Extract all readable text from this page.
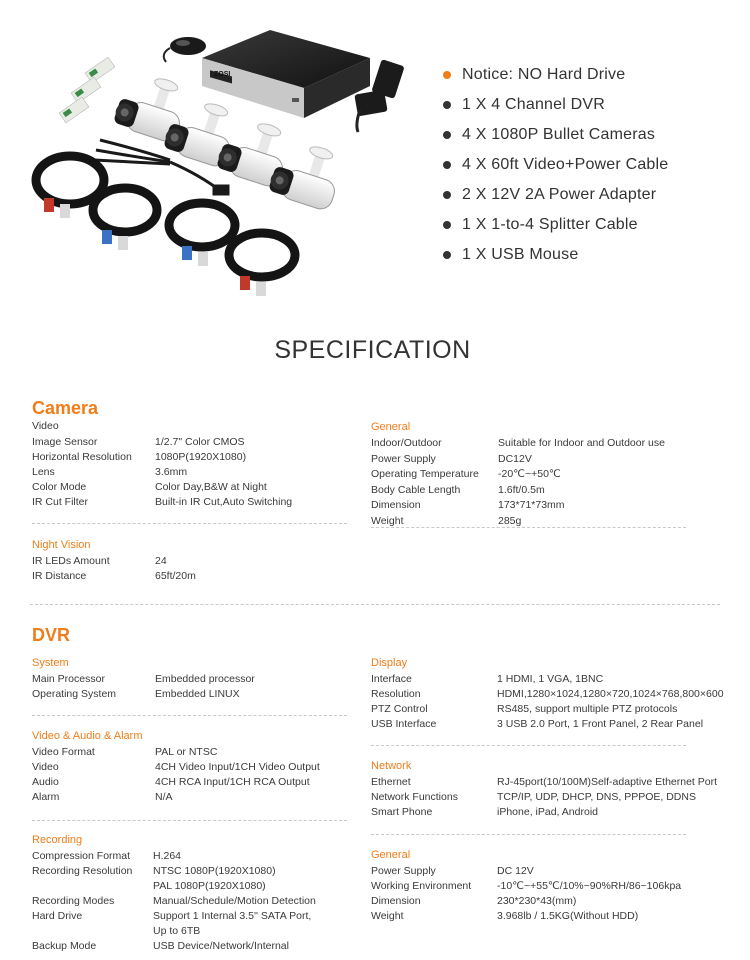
ZOSI	Notice: NO Hard Drive
1 X 4 Channel DVR
4 X 1080P Bullet Cameras
4 X 60ft Video+Power Cable
2 X 12V 2A Power Adapter
1 X 1-to-4 Splitter Cable
1 X USB Mouse
SPECIFICATION
Camera
Video
Image Sensor	1/2.7" Color CMOS
Horizontal Resolution 1080P(1920X1080)
Lens	3.6mm
Color Mode	Color Day,B&W at Night
IR Cut Filter	Built-in IR Cut,Auto Switching
General
Indoor/Outdoor	Suitable for Indoor and Outdoor use
Power Supply	DC12V
Operating Temperature -20℃~+50℃
Body Cable Length	1.6ft/0.5m
Dimension	173*71*73mm
Weight	285g
Night Vision
IR LEDs Amount	24
IR Distance	65ft/20m
DVR
System
Main Processor	Embedded processor
Operating System	Embedded LINUX
Video & Audio & Alarm
Video Format	PAL or NTSC
Video	4CH Video Input/1CH Video Output
Audio	4CH RCA Input/1CH RCA Output
Alarm	N/A
Recording
Compression Format H.264
Recording Resolution NTSC 1080P(1920X1080)
PAL 1080P(1920X1080)
Recording Modes	Manual/Schedule/Motion Detection
Hard Drive	Support 1 Internal 3.5'' SATA Port,
Up to 6TB
Backup Mode	USB Device/Network/Internal
Display
Interface	1 HDMI, 1 VGA, 1BNC
Resolution	HDMI,1280×1024,1280×720,1024×768,800×600
PTZ Control	RS485, support multiple PTZ protocols
USB Interface	3 USB 2.0 Port, 1 Front Panel, 2 Rear Panel
Network
Ethernet	RJ-45port(10/100M)Self-adaptive Ethernet Port
Network Functions	TCP/IP, UDP, DHCP, DNS, PPPOE, DDNS
Smart Phone	iPhone, iPad, Android
General
Power Supply	DC 12V
Working Environment -10℃~+55℃/10%~90%RH/86~106kpa
Dimension	230*230*43(mm)
Weight	3.968lb / 1.5KG(Without HDD)
